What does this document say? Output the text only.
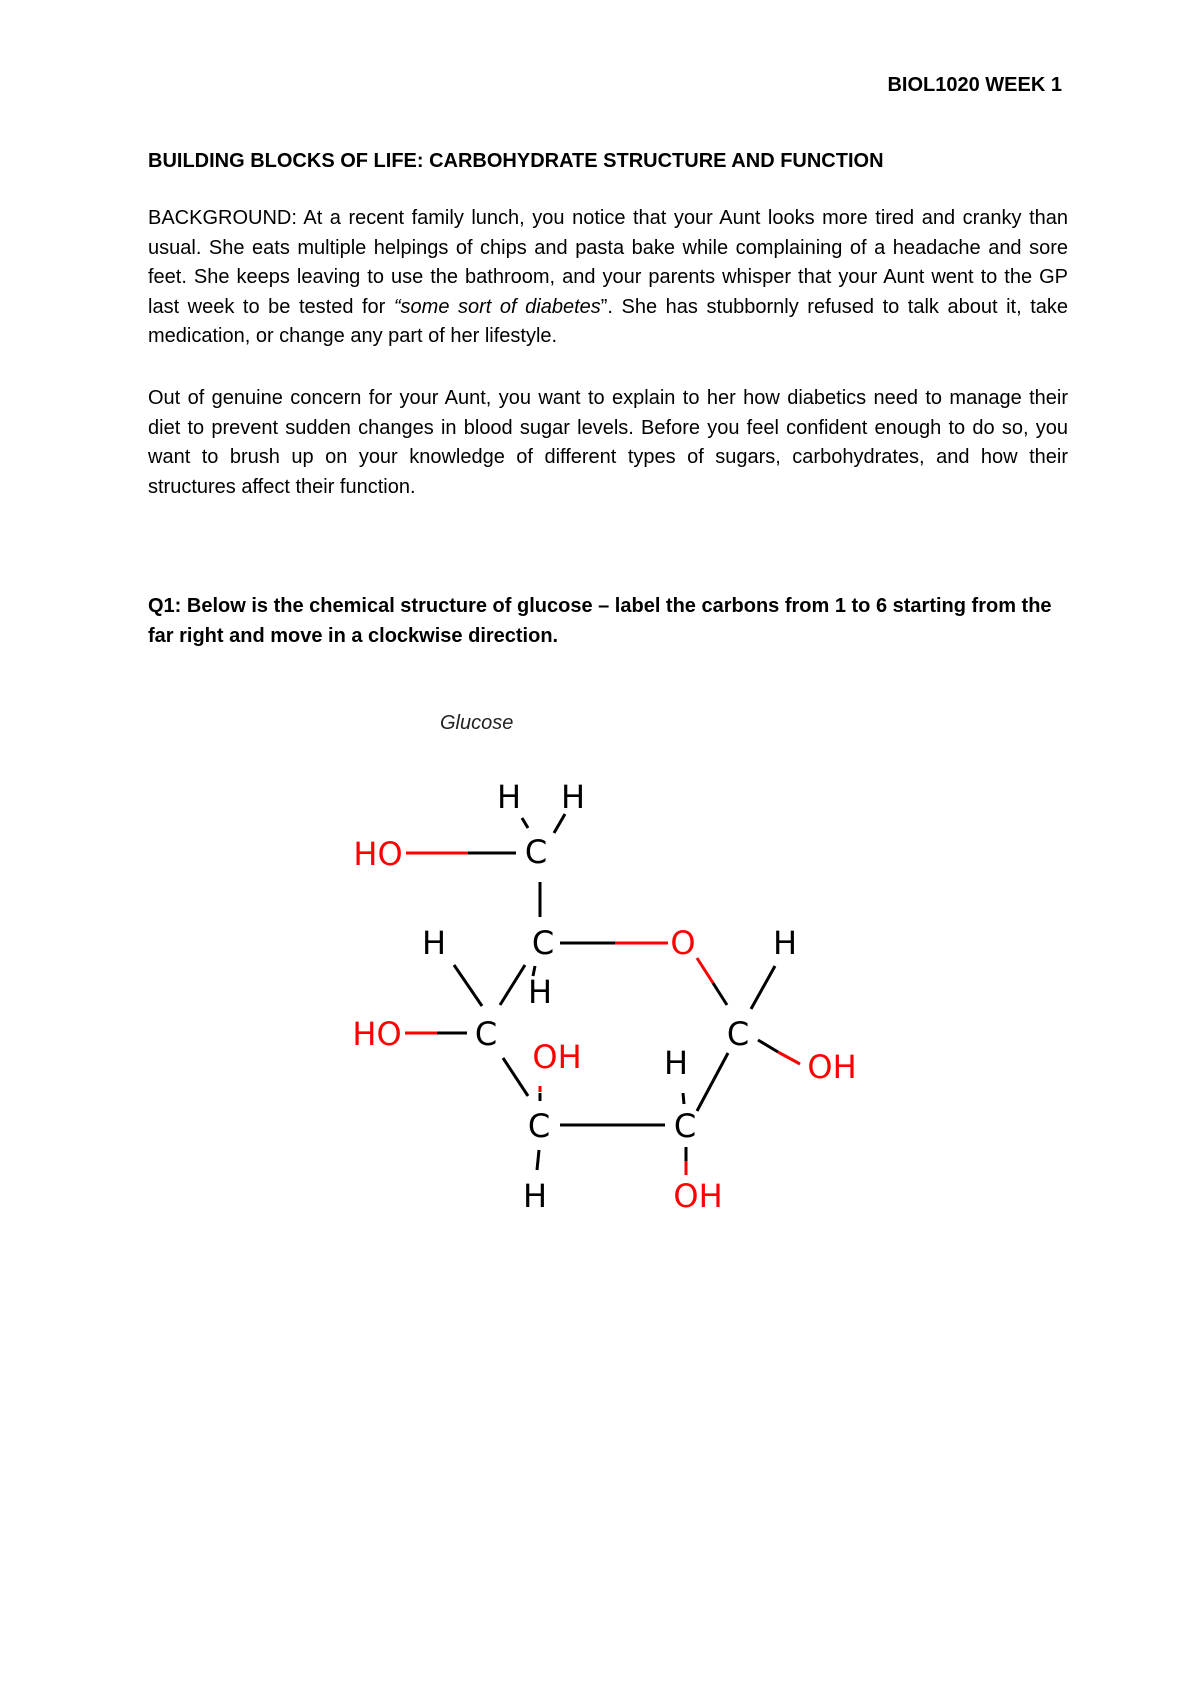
BIOL1020 WEEK 1
BUILDING BLOCKS OF LIFE: CARBOHYDRATE STRUCTURE AND FUNCTION

BACKGROUND: At a recent family lunch, you notice that your Aunt looks more tired and cranky than usual. She eats multiple helpings of chips and pasta bake while complaining of a headache and sore feet. She keeps leaving to use the bathroom, and your parents whisper that your Aunt went to the GP last week to be tested for “some sort of diabetes”. She has stubbornly refused to talk about it, take medication, or change any part of her lifestyle.

Out of genuine concern for your Aunt, you want to explain to her how diabetics need to manage their diet to prevent sudden changes in blood sugar levels. Before you feel confident enough to do so, you want to brush up on your knowledge of different types of sugars, carbohydrates, and how their structures affect their function.

Q1: Below is the chemical structure of glucose – label the carbons from 1 to 6 starting from the far right and move in a clockwise direction.

Glucose
H H
HO	C
H	C	O H
H
HO C
OH
C
H	OH
C	C
H	OH
